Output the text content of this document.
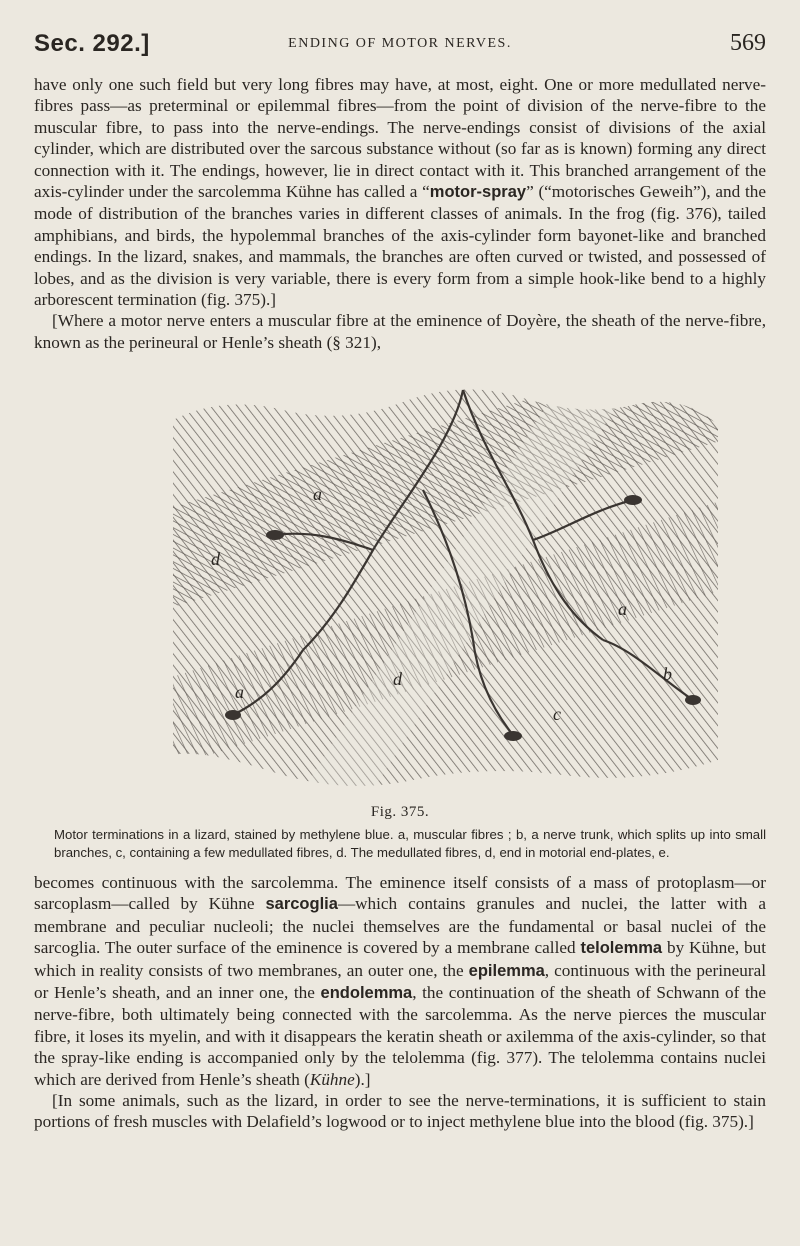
Sec. 292.]	ENDING OF MOTOR NERVES.	569

have only one such field but very long fibres may have, at most, eight. One or more medullated nerve-fibres pass—as preterminal or epilemmal fibres—from the point of division of the nerve-fibre to the muscular fibre, to pass into the nerve-endings. The nerve-endings consist of divisions of the axial cylinder, which are distributed over the sarcous substance without (so far as is known) forming any direct connection with it. The endings, however, lie in direct contact with it. This branched arrangement of the axis-cylinder under the sarcolemma Kühne has called a “motor-spray” (“motorisches Geweih”), and the mode of distribution of the branches varies in different classes of animals. In the frog (fig. 376), tailed amphibians, and birds, the hypolemmal branches of the axis-cylinder form bayonet-like and branched endings. In the lizard, snakes, and mammals, the branches are often curved or twisted, and possessed of lobes, and as the division is very variable, there is every form from a simple hook-like bend to a highly arborescent termination (fig. 375).]

[Where a motor nerve enters a muscular fibre at the eminence of Doyère, the sheath of the nerve-fibre, known as the perineural or Henle’s sheath (§ 321),

d
a
a
d
a
b
c
Fig. 375.
Motor terminations in a lizard, stained by methylene blue. a, muscular fibres ; b, a nerve trunk, which splits up into small branches, c, containing a few medullated fibres, d. The medullated fibres, d, end in motorial end-plates, e.

becomes continuous with the sarcolemma. The eminence itself consists of a mass of protoplasm—or sarcoplasm—called by Kühne sarcoglia—which contains granules and nuclei, the latter with a membrane and peculiar nucleoli; the nuclei themselves are the fundamental or basal nuclei of the sarcoglia. The outer surface of the eminence is covered by a membrane called telolemma by Kühne, but which in reality consists of two membranes, an outer one, the epilemma, continuous with the perineural or Henle’s sheath, and an inner one, the endolemma, the continuation of the sheath of Schwann of the nerve-fibre, both ultimately being connected with the sarcolemma. As the nerve pierces the muscular fibre, it loses its myelin, and with it disappears the keratin sheath or axilemma of the axis-cylinder, so that the spray-like ending is accompanied only by the telolemma (fig. 377). The telolemma contains nuclei which are derived from Henle’s sheath (Kühne).]

[In some animals, such as the lizard, in order to see the nerve-terminations, it is sufficient to stain portions of fresh muscles with Delafield’s logwood or to inject methylene blue into the blood (fig. 375).]
